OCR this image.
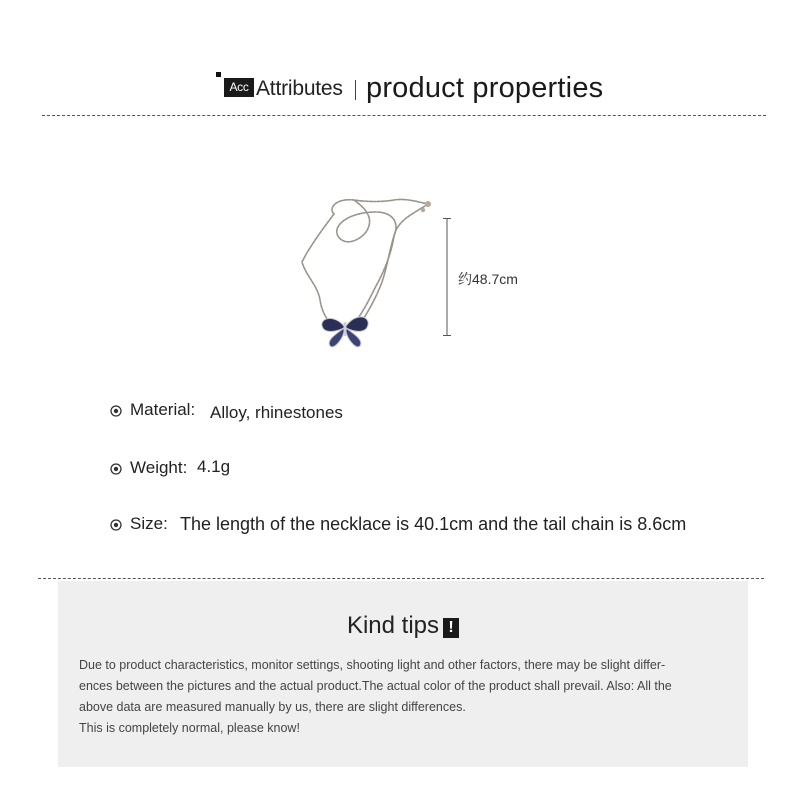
Acc Attributes product properties
约48.7cm
Material: Alloy, rhinestones
Weight: 4.1g
Size: The length of the necklace is 40.1cm and the tail chain is 8.6cm
Kind tips !

Due to product characteristics, monitor settings, shooting light and other factors, there may be slight differ-

ences between the pictures and the actual product.The actual color of the product shall prevail. Also: All the

above data are measured manually by us, there are slight differences.

This is completely normal, please know!
